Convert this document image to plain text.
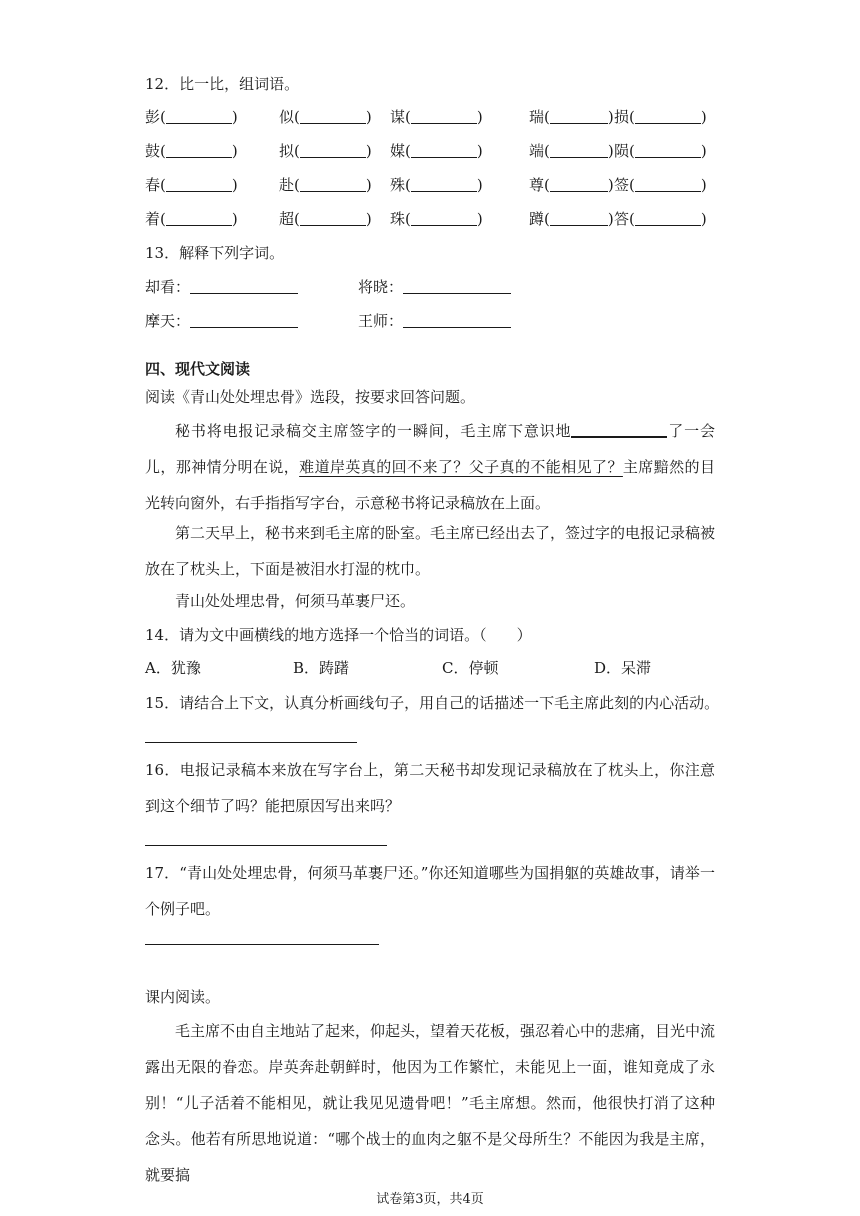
12．比一比，组词语。
彭(	)	似(	) 谋(	)	瑞(	) 损(	)
鼓(	)	拟(	) 媒(	)	端(	) 陨(	)
春(	)	赴(	) 殊(	)	尊(	) 签(	)
着(	)	超(	) 珠(	)	蹲(	) 答(	)
13．解释下列字词。
却看：	将晓：
摩天：	王师：
四、现代文阅读
阅读《青山处处埋忠骨》选段，按要求回答问题。
秘书将电报记录稿交主席签字的一瞬间，毛主席下意识地	了一会儿，那神情分明在说，难道岸英真的回不来了？父子真的不能相见了？主席黯然的目光转向窗外，右手指指写字台，示意秘书将记录稿放在上面。
第二天早上，秘书来到毛主席的卧室。毛主席已经出去了，签过字的电报记录稿被放在了枕头上，下面是被泪水打湿的枕巾。
青山处处埋忠骨，何须马革裹尸还。
14．请为文中画横线的地方选择一个恰当的词语。（　　）
A．犹豫	B．踌躇	C．停顿	D．呆滞
15．请结合上下文，认真分析画线句子，用自己的话描述一下毛主席此刻的内心活动。
16．电报记录稿本来放在写字台上，第二天秘书却发现记录稿放在了枕头上，你注意到这个细节了吗？能把原因写出来吗？
17．“青山处处埋忠骨，何须马革裹尸还。”你还知道哪些为国捐躯的英雄故事，请举一个例子吧。
课内阅读。
毛主席不由自主地站了起来，仰起头，望着天花板，强忍着心中的悲痛，目光中流露出无限的眷恋。岸英奔赴朝鲜时，他因为工作繁忙，未能见上一面，谁知竟成了永别！“儿子活着不能相见，就让我见见遗骨吧！”毛主席想。然而，他很快打消了这种念头。他若有所思地说道：“哪个战士的血肉之躯不是父母所生？不能因为我是主席，就要搞
试卷第3页，共4页
